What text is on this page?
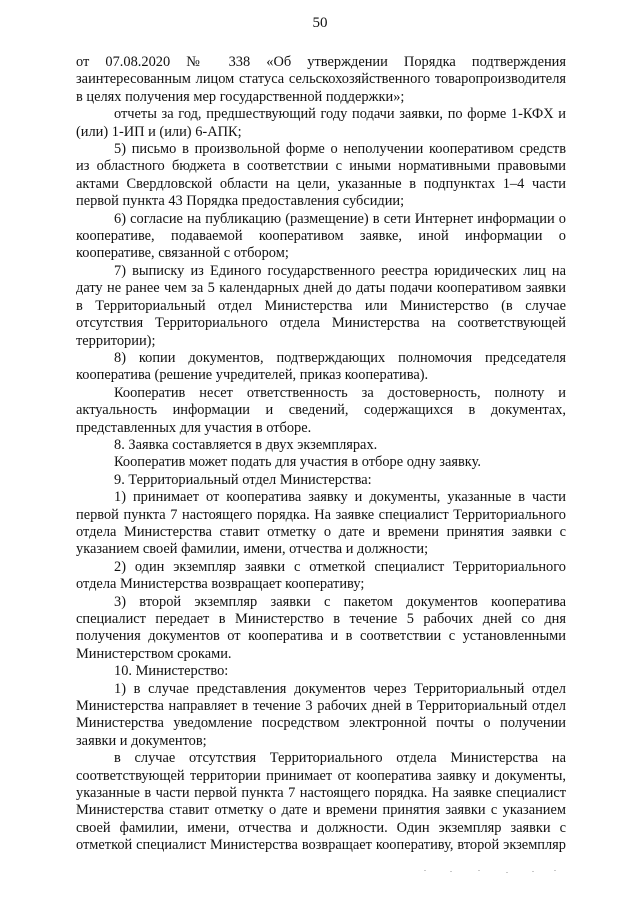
50

от 07.08.2020 № 338 «Об утверждении Порядка подтверждения заинтересованным лицом статуса сельскохозяйственного товаропроизводителя в целях получения мер государственной поддержки»;

отчеты за год, предшествующий году подачи заявки, по форме 1-КФХ и (или) 1-ИП и (или) 6-АПК;

5) письмо в произвольной форме о неполучении кооперативом средств из областного бюджета в соответствии с иными нормативными правовыми актами Свердловской области на цели, указанные в подпунктах 1–4 части первой пункта 43 Порядка предоставления субсидии;

6) согласие на публикацию (размещение) в сети Интернет информации о кооперативе, подаваемой кооперативом заявке, иной информации о кооперативе, связанной с отбором;

7) выписку из Единого государственного реестра юридических лиц на дату не ранее чем за 5 календарных дней до даты подачи кооперативом заявки в Территориальный отдел Министерства или Министерство (в случае отсутствия Территориального отдела Министерства на соответствующей территории);

8) копии документов, подтверждающих полномочия председателя кооператива (решение учредителей, приказ кооператива).

Кооператив несет ответственность за достоверность, полноту и актуальность информации и сведений, содержащихся в документах, представленных для участия в отборе.

8. Заявка составляется в двух экземплярах.

Кооператив может подать для участия в отборе одну заявку.

9. Территориальный отдел Министерства:

1) принимает от кооператива заявку и документы, указанные в части первой пункта 7 настоящего порядка. На заявке специалист Территориального отдела Министерства ставит отметку о дате и времени принятия заявки с указанием своей фамилии, имени, отчества и должности;

2) один экземпляр заявки с отметкой специалист Территориального отдела Министерства возвращает кооперативу;

3) второй экземпляр заявки с пакетом документов кооператива специалист передает в Министерство в течение 5 рабочих дней со дня получения документов от кооператива и в соответствии с установленными Министерством сроками.

10. Министерство:

1) в случае представления документов через Территориальный отдел Министерства направляет в течение 3 рабочих дней в Территориальный отдел Министерства уведомление посредством электронной почты о получении заявки и документов;

в случае отсутствия Территориального отдела Министерства на соответствующей территории принимает от кооператива заявку и документы, указанные в части первой пункта 7 настоящего порядка. На заявке специалист Министерства ставит отметку о дате и времени принятия заявки с указанием своей фамилии, имени, отчества и должности. Один экземпляр заявки с отметкой специалист Министерства возвращает кооперативу, второй экземпляр
